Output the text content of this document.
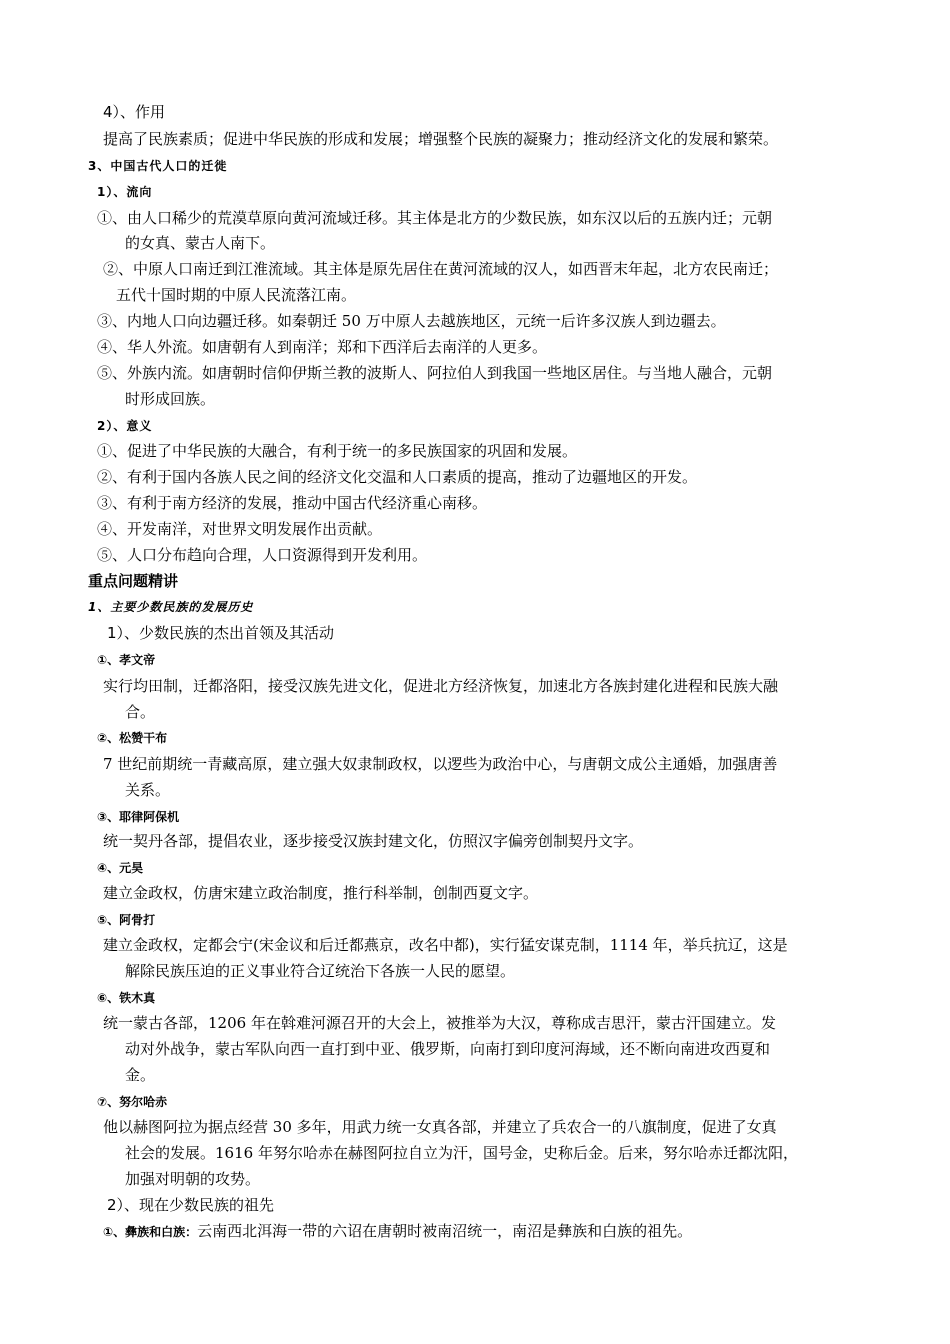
4）、作用
提高了民族素质；促进中华民族的形成和发展；增强整个民族的凝聚力；推动经济文化的发展和繁荣。
3、中国古代人口的迁徙
1）、流向
①、由人口稀少的荒漠草原向黄河流域迁移。其主体是北方的少数民族，如东汉以后的五族内迁；元朝
的女真、蒙古人南下。
②、中原人口南迁到江淮流域。其主体是原先居住在黄河流域的汉人，如西晋末年起，北方农民南迁；
五代十国时期的中原人民流落江南。
③、内地人口向边疆迁移。如秦朝迁 50 万中原人去越族地区，元统一后许多汉族人到边疆去。
④、华人外流。如唐朝有人到南洋；郑和下西洋后去南洋的人更多。
⑤、外族内流。如唐朝时信仰伊斯兰教的波斯人、阿拉伯人到我国一些地区居住。与当地人融合，元朝
时形成回族。
2）、意义
①、促进了中华民族的大融合，有利于统一的多民族国家的巩固和发展。
②、有利于国内各族人民之间的经济文化交温和人口素质的提高，推动了边疆地区的开发。
③、有利于南方经济的发展，推动中国古代经济重心南移。
④、开发南洋，对世界文明发展作出贡献。
⑤、人口分布趋向合理，人口资源得到开发利用。
重点问题精讲
1、主要少数民族的发展历史
1）、少数民族的杰出首领及其活动
①、孝文帝
实行均田制，迁都洛阳，接受汉族先进文化，促进北方经济恢复，加速北方各族封建化进程和民族大融
合。
②、松赞干布
7 世纪前期统一青藏高原，建立强大奴隶制政权，以逻些为政治中心，与唐朝文成公主通婚，加强唐善
关系。
③、耶律阿保机
统一契丹各部，提倡农业，逐步接受汉族封建文化，仿照汉字偏旁创制契丹文字。
④、元昊
建立金政权，仿唐宋建立政治制度，推行科举制，创制西夏文字。
⑤、阿骨打
建立金政权，定都会宁(宋金议和后迁都燕京，改名中都)，实行猛安谋克制，1114 年，举兵抗辽，这是
解除民族压迫的正义事业符合辽统治下各族一人民的愿望。
⑥、铁木真
统一蒙古各部，1206 年在斡难河源召开的大会上，被推举为大汉，尊称成吉思汗，蒙古汗国建立。发
动对外战争，蒙古军队向西一直打到中亚、俄罗斯，向南打到印度河海域，还不断向南进攻西夏和
金。
⑦、努尔哈赤
他以赫图阿拉为据点经营 30 多年，用武力统一女真各部，并建立了兵农合一的八旗制度，促进了女真
社会的发展。1616 年努尔哈赤在赫图阿拉自立为汗，国号金，史称后金。后来，努尔哈赤迁都沈阳，
加强对明朝的攻势。
2）、现在少数民族的祖先
①、彝族和白族：云南西北洱海一带的六诏在唐朝时被南沼统一，南沼是彝族和白族的祖先。
